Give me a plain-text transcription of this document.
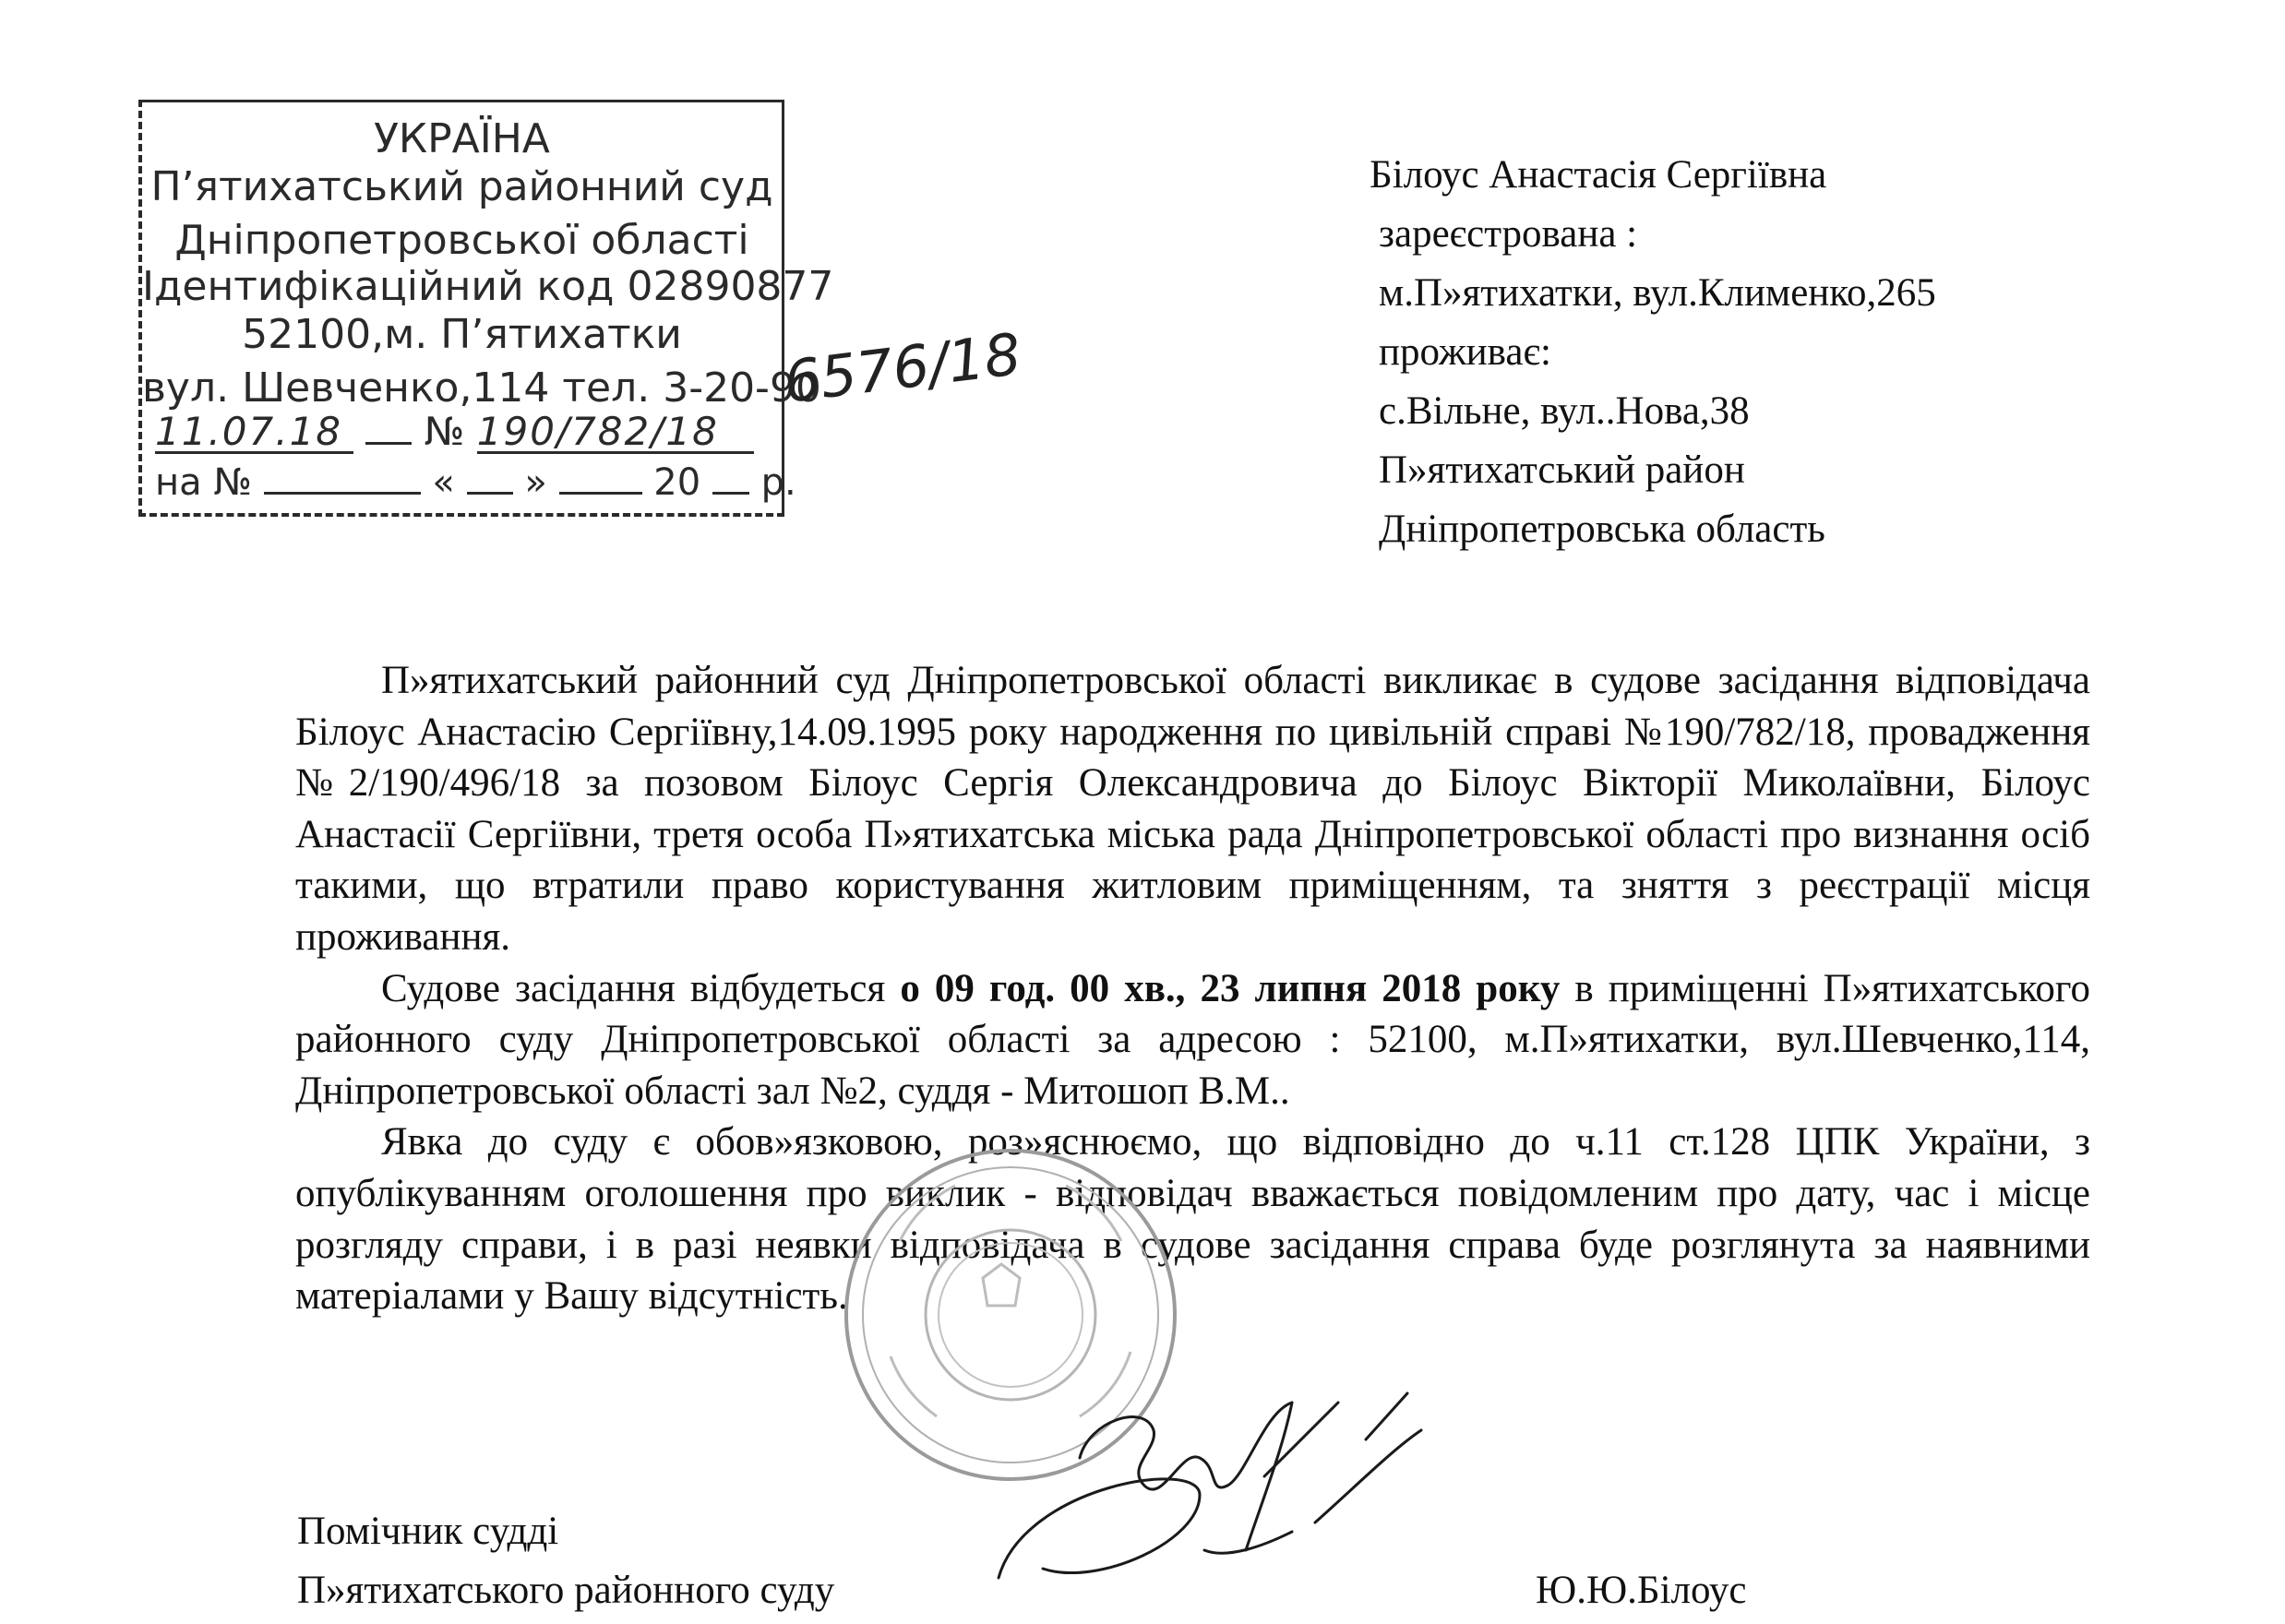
УКРАЇНА
П’ятихатський районний суд
Дніпропетровської області
Ідентифікаційний код 02890877
52100,м. П’ятихатки
вул. Шевченко,114 тел. 3-20-90
11.07.18 № 190/782/18
на №	« »	20 р.
6576/18
Білоус Анастасія Сергіївна
зареєстрована :
м.П»ятихатки, вул.Клименко,265
проживає:
с.Вільне, вул..Нова,38
П»ятихатський район
Дніпропетровська область

П»ятихатський районний суд Дніпропетровської області викликає в судове засідання відповідача Білоус Анастасію Сергіївну,14.09.1995 року народження по цивільній справі №190/782/18, провадження №2/190/496/18 за позовом Білоус Сергія Олександровича до Білоус Вікторії Миколаївни, Білоус Анастасії Сергіївни, третя особа П»ятихатська міська рада Дніпропетровської області про визнання осіб такими, що втратили право користування житловим приміщенням, та зняття з реєстрації місця проживання.

Судове засідання відбудеться о 09 год. 00 хв., 23 липня 2018 року в приміщенні П»ятихатського районного суду Дніпропетровської області за адресою : 52100, м.П»ятихатки, вул.Шевченко,114, Дніпропетровської області зал №2, суддя - Митошоп В.М..

Явка до суду є обов»язковою, роз»яснюємо, що відповідно до ч.11 ст.128 ЦПК України, з опублікуванням оголошення про виклик - відповідач вважається повідомленим про дату, час і місце розгляду справи, і в разі неявки відповідача в судове засідання справа буде розглянута за наявними матеріалами у Вашу відсутність.

Помічник судді
П»ятихатського районного суду	Ю.Ю.Білоус
